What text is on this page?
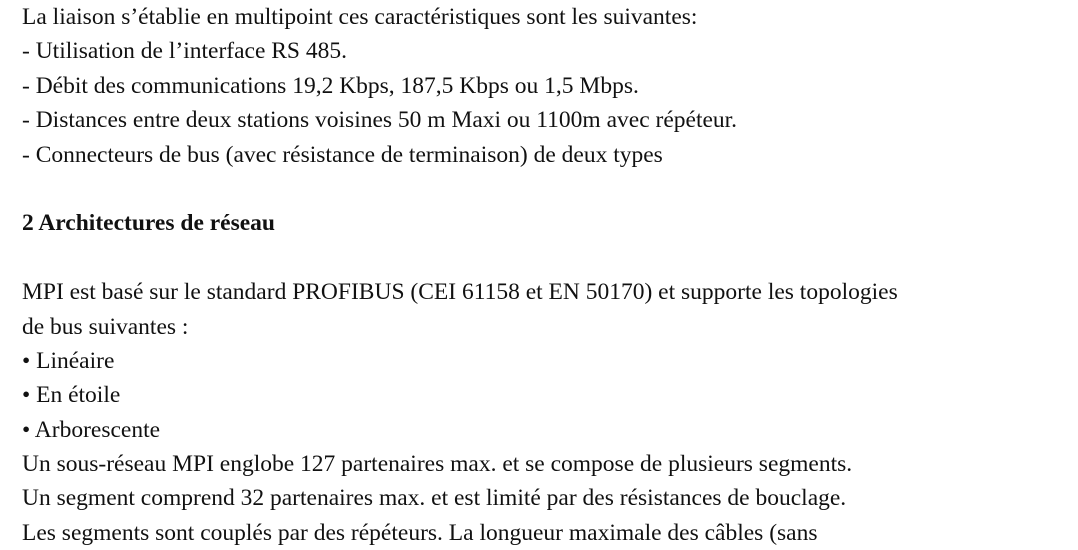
La liaison s’établie en multipoint ces caractéristiques sont les suivantes:

- Utilisation de l’interface RS 485.

- Débit des communications 19,2 Kbps, 187,5 Kbps ou 1,5 Mbps.

- Distances entre deux stations voisines 50 m Maxi ou 1100m avec répéteur.

- Connecteurs de bus (avec résistance de terminaison) de deux types

2 Architectures de réseau

MPI est basé sur le standard PROFIBUS (CEI 61158 et EN 50170) et supporte les topologies

de bus suivantes :

• Linéaire

• En étoile

• Arborescente

Un sous-réseau MPI englobe 127 partenaires max. et se compose de plusieurs segments.

Un segment comprend 32 partenaires max. et est limité par des résistances de bouclage.

Les segments sont couplés par des répéteurs. La longueur maximale des câbles (sans
